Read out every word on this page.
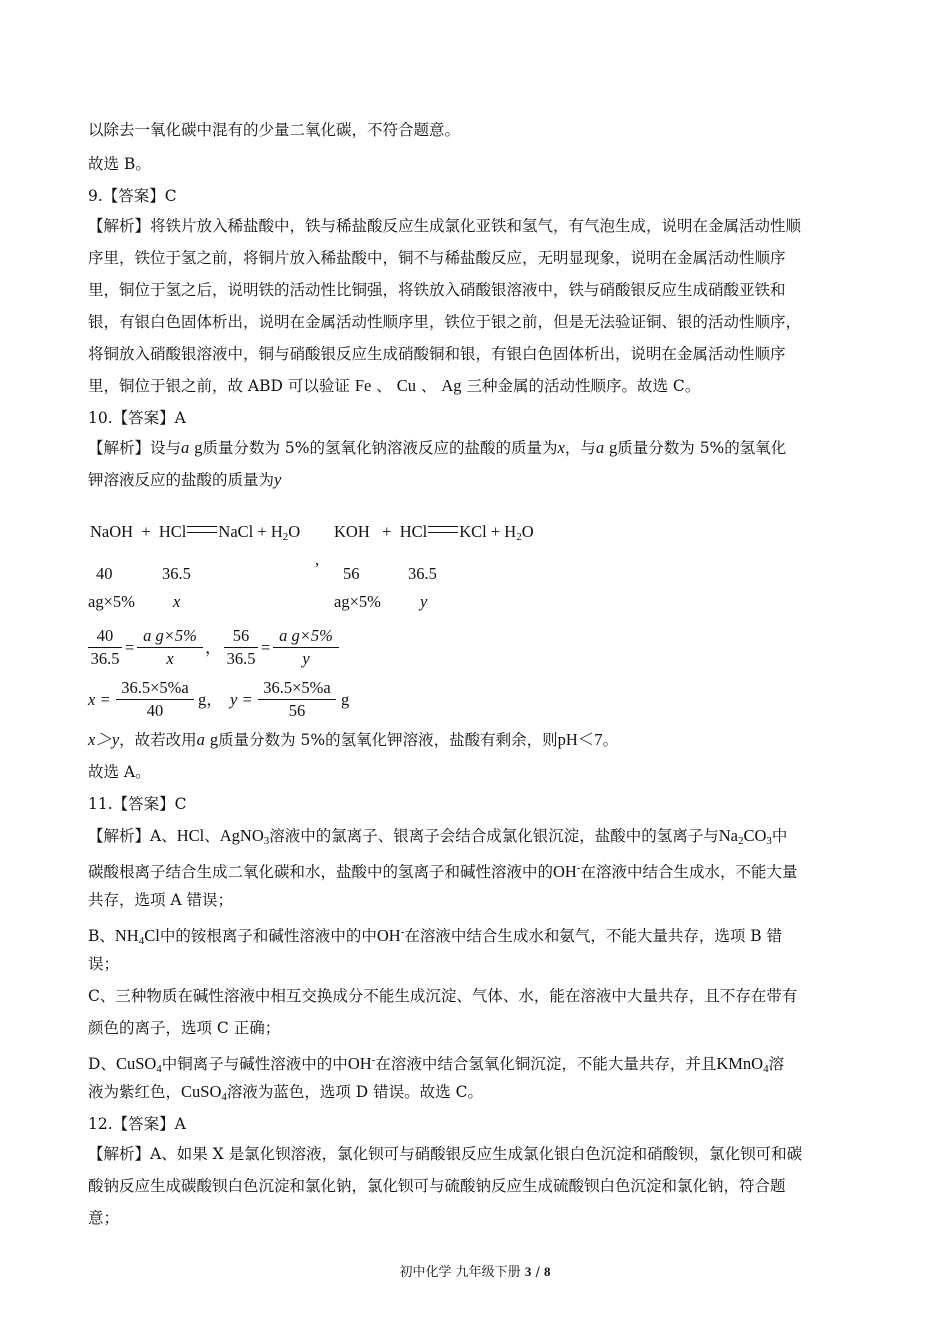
以除去一氧化碳中混有的少量二氧化碳，不符合题意。
故选 B。
9.【答案】C
【解析】将铁片放入稀盐酸中，铁与稀盐酸反应生成氯化亚铁和氢气，有气泡生成，说明在金属活动性顺
序里，铁位于氢之前，将铜片放入稀盐酸中，铜不与稀盐酸反应，无明显现象，说明在金属活动性顺序
里，铜位于氢之后，说明铁的活动性比铜强，将铁放入硝酸银溶液中，铁与硝酸银反应生成硝酸亚铁和
银，有银白色固体析出，说明在金属活动性顺序里，铁位于银之前，但是无法验证铜、银的活动性顺序，
将铜放入硝酸银溶液中，铜与硝酸银反应生成硝酸铜和银，有银白色固体析出，说明在金属活动性顺序
里，铜位于银之前，故 ABD 可以验证 Fe 、 Cu 、 Ag 三种金属的活动性顺序。故选 C。
10.【答案】A
【解析】设与a g质量分数为 5%的氢氧化钠溶液反应的盐酸的质量为x，与a g质量分数为 5%的氢氧化
钾溶液反应的盐酸的质量为y
NaOH + HCl NaCl + $H_2O$
,
KOH + HCl KCl + $H_2O$
40	36.5	56	36.5
ag×5% x	ag×5% y
40
36.5
=
a g×5%
x
，
56
36.5
=
a g×5%
y
x =
36.5×5%a
40
g， y =
36.5×5%a
56
g
x＞y，故若改用a g质量分数为 5%的氢氧化钾溶液，盐酸有剩余，则pH＜7。
故选 A。
11.【答案】C
【解析】A、HCl、AgNO$_3$溶液中的氯离子、银离子会结合成氯化银沉淀，盐酸中的氢离子与$Na_2CO_3$中
碳酸根离子结合生成二氧化碳和水，盐酸中的氢离子和碱性溶液中的OH-在溶液中结合生成水，不能大量
共存，选项 A 错误；
B、$NH_4Cl$中的铵根离子和碱性溶液中的中OH-在溶液中结合生成水和氨气，不能大量共存，选项 B 错
误；
C、三种物质在碱性溶液中相互交换成分不能生成沉淀、气体、水，能在溶液中大量共存，且不存在带有
颜色的离子，选项 C 正确；
D、CuSO$_4$中铜离子与碱性溶液中的中OH-在溶液中结合氢氧化铜沉淀，不能大量共存，并且KMnO$_4$溶
液为紫红色，CuSO$_4$溶液为蓝色，选项 D 错误。故选 C。
12.【答案】A
【解析】A、如果 X 是氯化钡溶液，氯化钡可与硝酸银反应生成氯化银白色沉淀和硝酸钡，氯化钡可和碳
酸钠反应生成碳酸钡白色沉淀和氯化钠，氯化钡可与硫酸钠反应生成硫酸钡白色沉淀和氯化钠，符合题
意；
初中化学 九年级下册 3 / 8
